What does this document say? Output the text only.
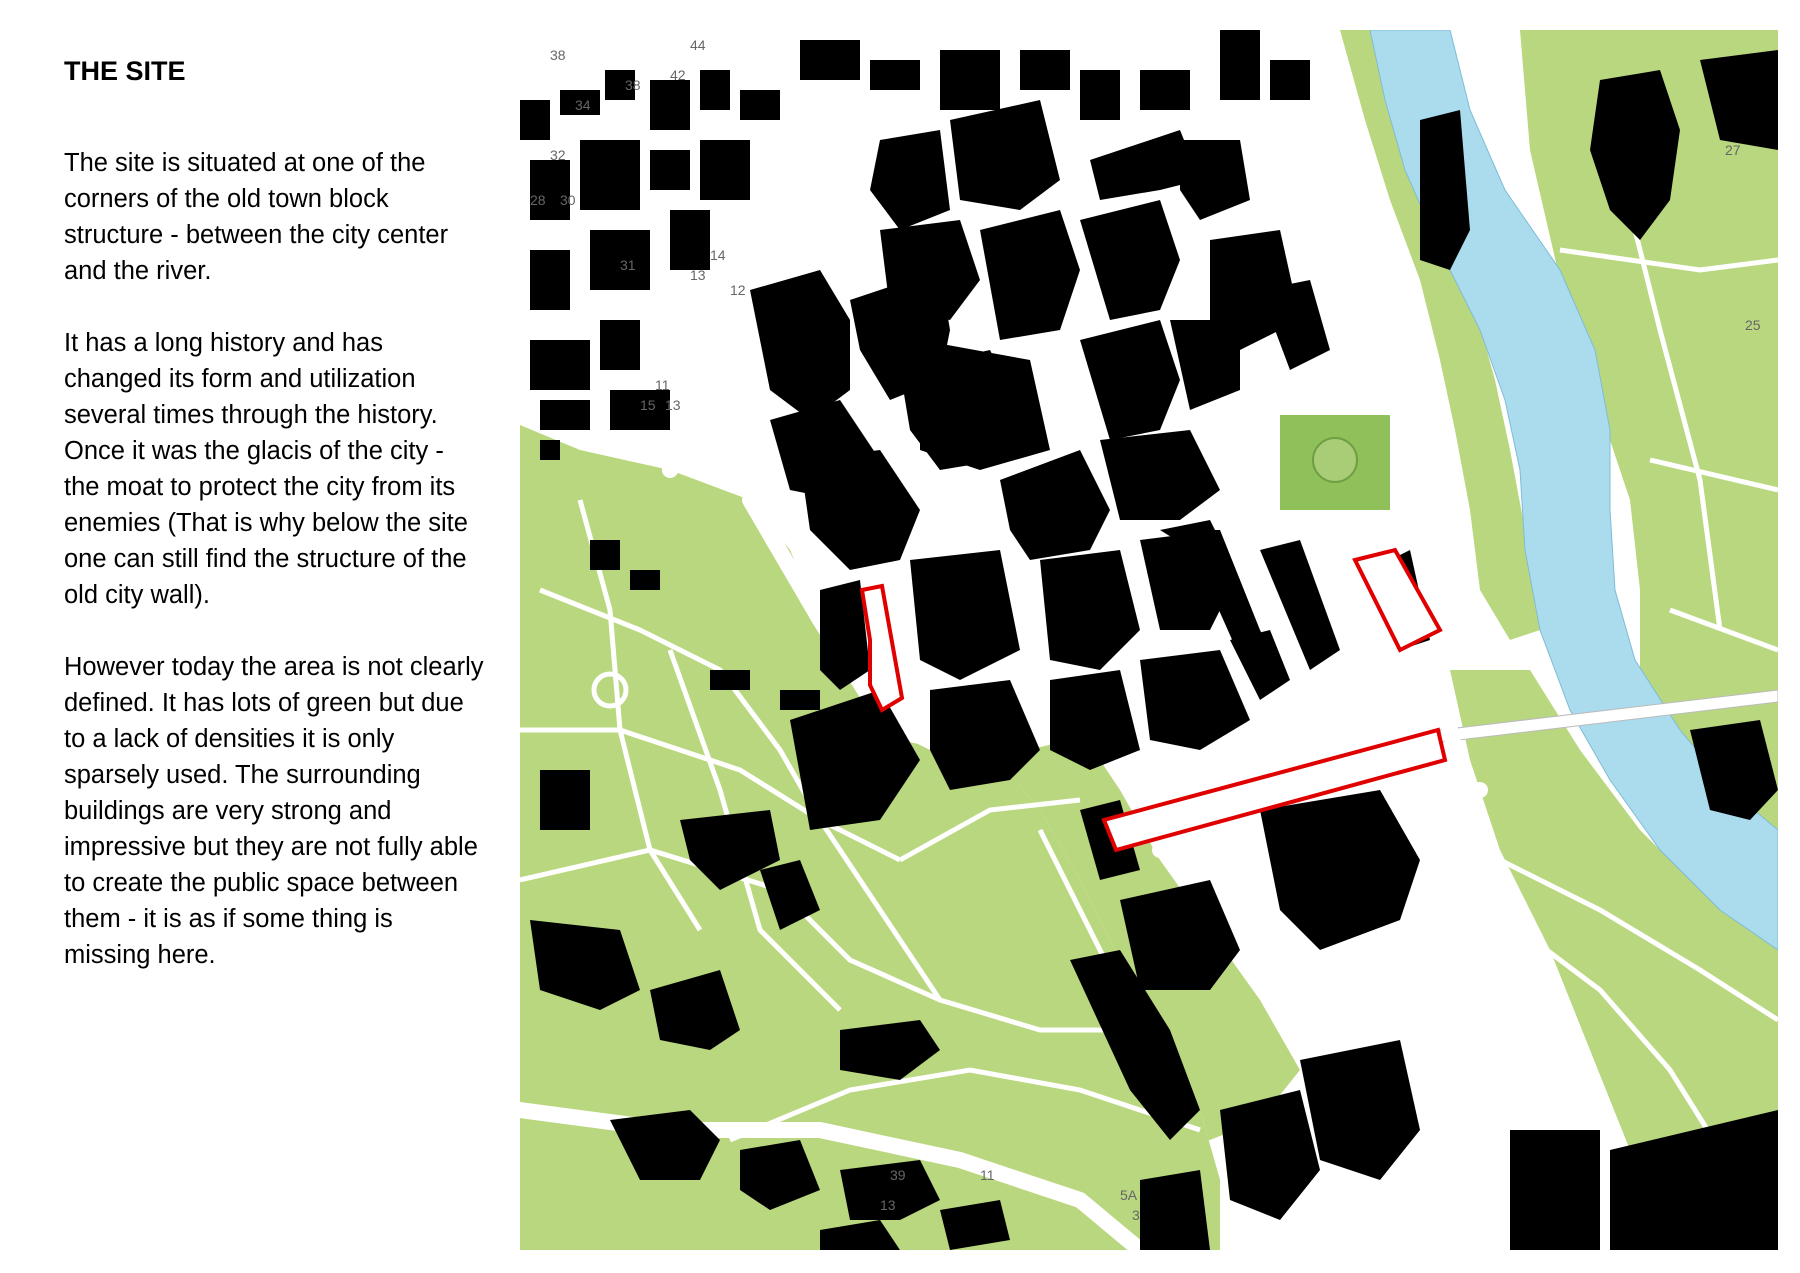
THE SITE

The site is situated at one of the corners of the old town block structure - between the city center and the river.

It has a long history and has changed its form and utilization several times through the history. Once it was the glacis of the city - the moat to protect the city from its enemies (That is why below the site one can still find the structure of the old city wall).

However today the area is not clearly defined. It has lots of green but due to a lack of densities it is only sparsely used. The surrounding buildings are very strong and impressive but they are not fully able to create the public space between them - it is as if some thing is missing here.

38
44
34
38
42
32
30
28
31
13
14
12
15
11
13
27
25
39	11
13
5A
3
